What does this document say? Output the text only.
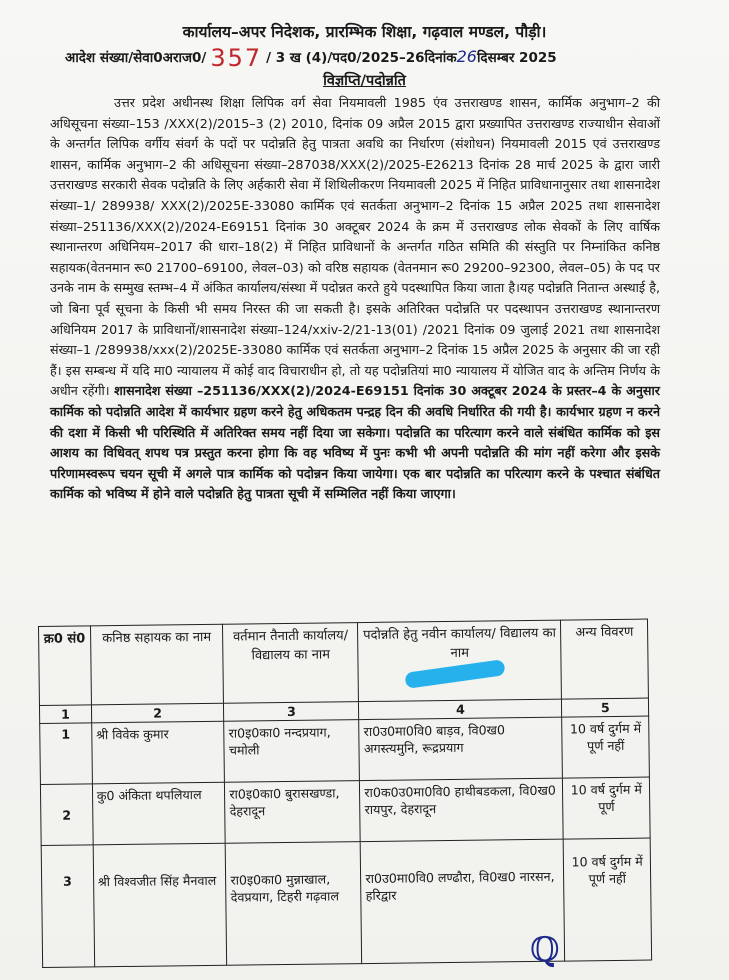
कार्यालय–अपर निदेशक, प्रारम्भिक शिक्षा, गढ़वाल मण्डल, पौड़ी।
आदेश संख्या/सेवा0अराज0/ 357 / 3 ख (4)/पद0/2025–26दिनांक26दिसम्बर 2025
विज्ञप्ति/पदोन्नति
उत्तर प्रदेश अधीनस्थ शिक्षा लिपिक वर्ग सेवा नियमावली 1985 एंव उत्तराखण्ड शासन, कार्मिक अनुभाग–2 की अधिसूचना संख्या–153 /XXX(2)/2015–3 (2) 2010, दिनांक 09 अप्रैल 2015 द्वारा प्रख्यापित उत्तराखण्ड राज्याधीन सेवाओं के अन्तर्गत लिपिक वर्गीय संवर्ग के पदों पर पदोन्नति हेतु पात्रता अवधि का निर्धारण (संशोधन) नियमावली 2015 एवं उत्तराखण्ड शासन, कार्मिक अनुभाग–2 की अधिसूचना संख्या–287038/XXX(2)/2025-E26213 दिनांक 28 मार्च 2025 के द्वारा जारी उत्तराखण्ड सरकारी सेवक पदोन्नति के लिए अर्हकारी सेवा में शिथिलीकरण नियमावली 2025 में निहित प्राविधानानुसार तथा शासनादेश संख्या–1/ 289938/ XXX(2)/2025E-33080 कार्मिक एवं सतर्कता अनुभाग–2 दिनांक 15 अप्रैल 2025 तथा शासनादेश संख्या–251136/XXX(2)/2024-E69151 दिनांक 30 अक्टूबर 2024 के क्रम में उत्तराखण्ड लोक सेवकों के लिए वार्षिक स्थानान्तरण अधिनियम–2017 की धारा–18(2) में निहित प्राविधानों के अन्तर्गत गठित समिति की संस्तुति पर निम्नांकित कनिष्ठ सहायक(वेतनमान रू0 21700–69100, लेवल–03) को वरिष्ठ सहायक (वेतनमान रू0 29200–92300, लेवल–05) के पद पर उनके नाम के सम्मुख स्तम्भ–4 में अंकित कार्यालय/संस्था में पदोन्नत करते हुये पदस्थापित किया जाता है।यह पदोन्नति नितान्त अस्थाई है, जो बिना पूर्व सूचना के किसी भी समय निरस्त की जा सकती है। इसके अतिरिक्त पदोन्नति पर पदस्थापन उत्तराखण्ड स्थानान्तरण अधिनियम 2017 के प्राविधानों/शासनादेश संख्या–124/xxiv-2/21-13(01) /2021 दिनांक 09 जुलाई 2021 तथा शासनादेश संख्या–1 /289938/xxx(2)/2025E-33080 कार्मिक एवं सतर्कता अनुभाग–2 दिनांक 15 अप्रैल 2025 के अनुसार की जा रही हैं। इस सम्बन्ध में यदि मा0 न्यायालय में कोई वाद विचाराधीन हो, तो यह पदोन्नतियां मा0 न्यायालय में योजित वाद के अन्तिम निर्णय के अधीन रहेंगी। शासनादेश संख्या –251136/XXX(2)/2024-E69151 दिनांक 30 अक्टूबर 2024 के प्रस्तर–4 के अनुसार कार्मिक को पदोन्नति आदेश में कार्यभार ग्रहण करने हेतु अधिकतम पन्द्रह दिन की अवधि निर्धारित की गयी है। कार्यभार ग्रहण न करने की दशा में किसी भी परिस्थिति में अतिरिक्त समय नहीं दिया जा सकेगा। पदोन्नति का परित्याग करने वाले संबंधित कार्मिक को इस आशय का विधिवत् शपथ पत्र प्रस्तुत करना होगा कि वह भविष्य में पुनः कभी भी अपनी पदोन्नति की मांग नहीं करेगा और इसके परिणामस्वरूप चयन सूची में अगले पात्र कार्मिक को पदोन्नन किया जायेगा। एक बार पदोन्नति का परित्याग करने के पश्चात संबंधित कार्मिक को भविष्य में होने वाले पदोन्नति हेतु पात्रता सूची में सम्मिलित नहीं किया जाएगा।
क्र0 सं0	कनिष्ठ सहायक का नाम	वर्तमान तैनाती कार्यालय/ विद्यालय का नाम	पदोन्नति हेतु नवीन कार्यालय/ विद्यालय का नाम	अन्य विवरण
1	2	3	4	5
1	श्री विवेक कुमार	रा0इ0का0 नन्दप्रयाग, चमोली	रा0उ0मा0वि0 बाड़व, वि0ख0 अगस्त्यमुनि, रूद्रप्रयाग	10 वर्ष दुर्गम में पूर्ण नहीं
2	कु0 अंकिता थपलियाल	रा0इ0का0 बुरासखण्डा, देहरादून	रा0क0उ0मा0वि0 हाथीबडकला, वि0ख0 रायपुर, देहरादून	10 वर्ष दुर्गम में पूर्ण
3	श्री विश्वजीत सिंह मैनवाल	रा0इ0का0 मुन्नाखाल, देवप्रयाग, टिहरी गढ़वाल	रा0उ0मा0वि0 लण्ढौरा, वि0ख0 नारसन, हरिद्वार	10 वर्ष दुर्गम में पूर्ण नहीं
ℚ
